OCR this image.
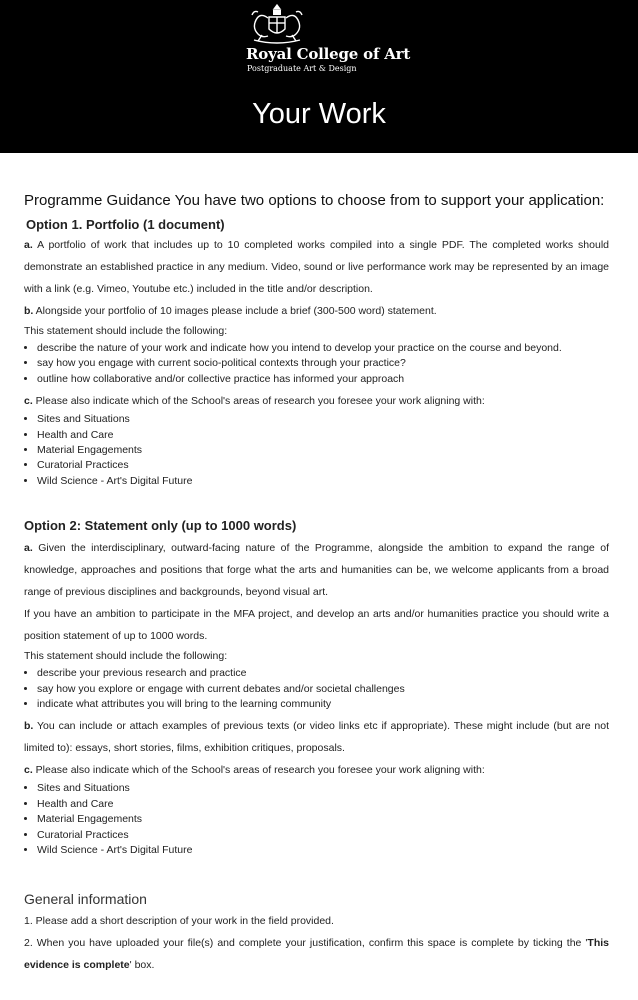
Royal College of Art
Postgraduate Art & Design
Your Work
Programme Guidance You have two options to choose from to support your application:
Option 1. Portfolio (1 document)

a. A portfolio of work that includes up to 10 completed works compiled into a single PDF. The completed works should demonstrate an established practice in any medium. Video, sound or live performance work may be represented by an image with a link (e.g. Vimeo, Youtube etc.) included in the title and/or description.

b. Alongside your portfolio of 10 images please include a brief (300-500 word) statement.

This statement should include the following:

• describe the nature of your work and indicate how you intend to develop your practice on the course and beyond.
• say how you engage with current socio-political contexts through your practice?
• outline how collaborative and/or collective practice has informed your approach

c. Please also indicate which of the School's areas of research you foresee your work aligning with:

• Sites and Situations
• Health and Care
• Material Engagements
• Curatorial Practices
• Wild Science - Art's Digital Future
Option 2: Statement only (up to 1000 words)

a. Given the interdisciplinary, outward-facing nature of the Programme, alongside the ambition to expand the range of knowledge, approaches and positions that forge what the arts and humanities can be, we welcome applicants from a broad range of previous disciplines and backgrounds, beyond visual art.

If you have an ambition to participate in the MFA project, and develop an arts and/or humanities practice you should write a position statement of up to 1000 words.

This statement should include the following:

• describe your previous research and practice
• say how you explore or engage with current debates and/or societal challenges
• indicate what attributes you will bring to the learning community

b. You can include or attach examples of previous texts (or video links etc if appropriate). These might include (but are not limited to): essays, short stories, films, exhibition critiques, proposals.

c. Please also indicate which of the School's areas of research you foresee your work aligning with:

• Sites and Situations
• Health and Care
• Material Engagements
• Curatorial Practices
• Wild Science - Art's Digital Future
General information

1. Please add a short description of your work in the field provided.

2. When you have uploaded your file(s) and complete your justification, confirm this space is complete by ticking the 'This evidence is complete' box.
